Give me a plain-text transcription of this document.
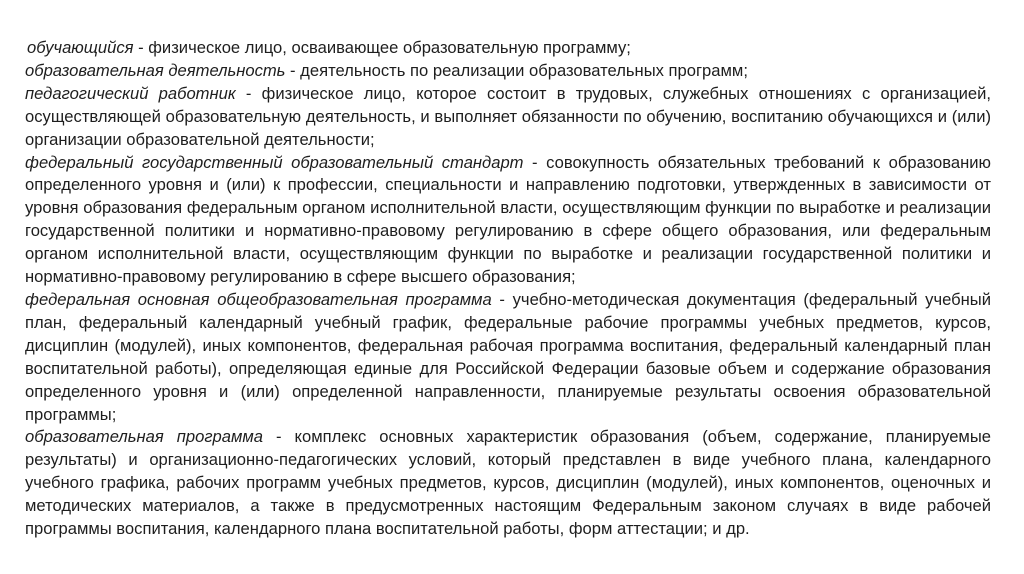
обучающийся - физическое лицо, осваивающее образовательную программу;

образовательная деятельность - деятельность по реализации образовательных программ;

педагогический работник - физическое лицо, которое состоит в трудовых, служебных отношениях с организацией, осуществляющей образовательную деятельность, и выполняет обязанности по обучению, воспитанию обучающихся и (или) организации образовательной деятельности;

федеральный государственный образовательный стандарт - совокупность обязательных требований к образованию определенного уровня и (или) к профессии, специальности и направлению подготовки, утвержденных в зависимости от уровня образования федеральным органом исполнительной власти, осуществляющим функции по выработке и реализации государственной политики и нормативно-правовому регулированию в сфере общего образования, или федеральным органом исполнительной власти, осуществляющим функции по выработке и реализации государственной политики и нормативно-правовому регулированию в сфере высшего образования;

федеральная основная общеобразовательная программа - учебно-методическая документация (федеральный учебный план, федеральный календарный учебный график, федеральные рабочие программы учебных предметов, курсов, дисциплин (модулей), иных компонентов, федеральная рабочая программа воспитания, федеральный календарный план воспитательной работы), определяющая единые для Российской Федерации базовые объем и содержание образования определенного уровня и (или) определенной направленности, планируемые результаты освоения образовательной программы;

образовательная программа - комплекс основных характеристик образования (объем, содержание, планируемые результаты) и организационно-педагогических условий, который представлен в виде учебного плана, календарного учебного графика, рабочих программ учебных предметов, курсов, дисциплин (модулей), иных компонентов, оценочных и методических материалов, а также в предусмотренных настоящим Федеральным законом случаях в виде рабочей программы воспитания, календарного плана воспитательной работы, форм аттестации; и др.
